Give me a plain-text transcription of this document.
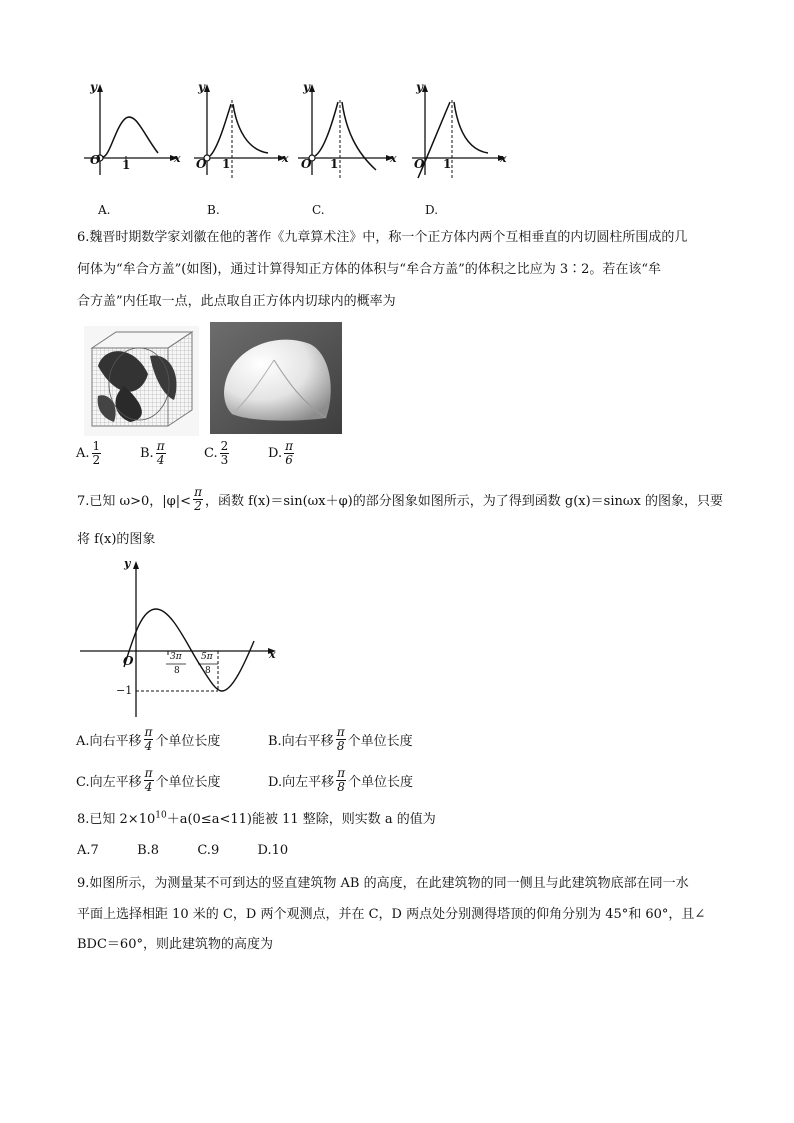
y
O 1	x
y
O 1	x
y
O 1	x
y
O 1	x
A.	B.	C.	D.
6.魏晋时期数学家刘徽在他的著作《九章算术注》中，称一个正方体内两个互相垂直的内切圆柱所围成的几
何体为“牟合方盖”(如图)，通过计算得知正方体的体积与“牟合方盖”的体积之比应为 3∶2。若在该“牟
合方盖”内任取一点，此点取自正方体内切球内的概率为
A. $\frac{1}{2}$	B. $\frac{\pi}{4}$	C. $\frac{2}{3}$	D. $\frac{\pi}{6}$
7.已知 ω>0，$|\varphi|< \frac{\pi}{2}$ ，函数 f(x)＝sin(ωx＋φ)的部分图象如图所示，为了得到函数 g(x)＝sinωx 的图象，只要
将 f(x)的图象
y
x
O
−1
3π
8
5π
8
A.向右平移 $\frac{\pi}{4}$ 个单位长度	B.向右平移 $\frac{\pi}{8}$ 个单位长度
C.向左平移 $\frac{\pi}{4}$ 个单位长度	D.向左平移 $\frac{\pi}{8}$ 个单位长度
8.已知 $2\times 10^{10}+a(0\le a<11)$能被 11 整除，则实数 a 的值为
A.7	B.8	C.9	D.10
9.如图所示，为测量某不可到达的竖直建筑物 AB 的高度，在此建筑物的同一侧且与此建筑物底部在同一水
平面上选择相距 10 米的 C，D 两个观测点，并在 C，D 两点处分别测得塔顶的仰角分别为 45°和 60°，且∠
BDC＝60°，则此建筑物的高度为
